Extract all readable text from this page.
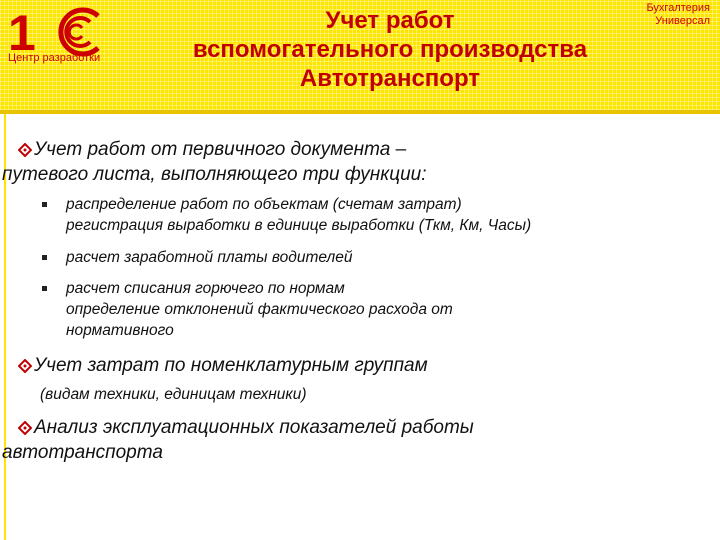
1
Центр разработки
Бухгалтерия
Универсал
Учет работ
вспомогательного производства
Автотранспорт
Учет работ от первичного документа –
путевого листа, выполняющего три функции:
распределение работ по объектам (счетам затрат)
регистрация выработки в единице выработки (Ткм, Км, Часы)
расчет заработной платы водителей
расчет списания горючего по нормам
определение отклонений фактического расхода от
нормативного
Учет затрат по номенклатурным группам
(видам техники, единицам техники)
Анализ эксплуатационных показателей работы
автотранспорта
